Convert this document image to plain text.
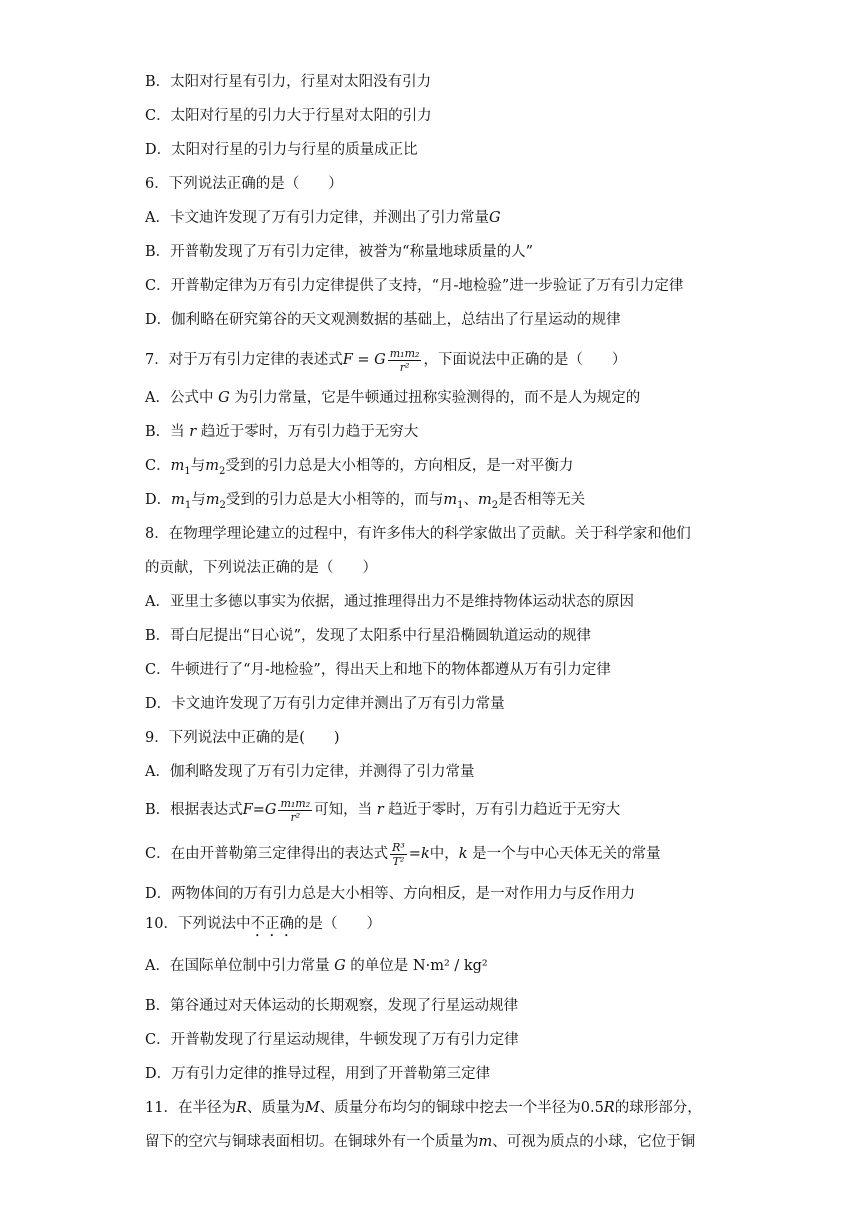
B．太阳对行星有引力，行星对太阳没有引力
C．太阳对行星的引力大于行星对太阳的引力
D．太阳对行星的引力与行星的质量成正比
6．下列说法正确的是（　　）
A．卡文迪许发现了万有引力定律，并测出了引力常量G
B．开普勒发现了万有引力定律，被誉为“称量地球质量的人”
C．开普勒定律为万有引力定律提供了支持，“月-地检验”进一步验证了万有引力定律
D．伽利略在研究第谷的天文观测数据的基础上，总结出了行星运动的规律
7．对于万有引力定律的表述式F = G $\frac{\text{m₁m₂}}{\text{r²}}$ ，下面说法中正确的是（　　）
A．公式中 G 为引力常量，它是牛顿通过扭称实验测得的，而不是人为规定的
B．当 r 趋近于零时，万有引力趋于无穷大
C．$m_1$与$m_2$受到的引力总是大小相等的，方向相反，是一对平衡力
D．$m_1$与$m_2$受到的引力总是大小相等的，而与$m_1$、$m_2$是否相等无关
8．在物理学理论建立的过程中，有许多伟大的科学家做出了贡献。关于科学家和他们
的贡献，下列说法正确的是（　　）
A．亚里士多德以事实为依据，通过推理得出力不是维持物体运动状态的原因
B．哥白尼提出“日心说”，发现了太阳系中行星沿椭圆轨道运动的规律
C．牛顿进行了“月-地检验”，得出天上和地下的物体都遵从万有引力定律
D．卡文迪许发现了万有引力定律并测出了万有引力常量
9．下列说法中正确的是(　　)
A．伽利略发现了万有引力定律，并测得了引力常量
B．根据表达式$F=G \frac{\text{m₁m₂}}{\text{r²}}$ 可知，当 r 趋近于零时，万有引力趋近于无穷大
C．在由开普勒第三定律得出的表达式 $\frac{\text{R³}}{\text{T²}} =k$中，k 是一个与中心天体无关的常量
D．两物体间的万有引力总是大小相等、方向相反，是一对作用力与反作用力
10．下列说法中不正确的是（　　）
A．在国际单位制中引力常量 G 的单位是 N·m² / kg²
B．第谷通过对天体运动的长期观察，发现了行星运动规律
C．开普勒发现了行星运动规律，牛顿发现了万有引力定律
D．万有引力定律的推导过程，用到了开普勒第三定律
11．在半径为R、质量为M、质量分布均匀的铜球中挖去一个半径为0.5R的球形部分，
留下的空穴与铜球表面相切。在铜球外有一个质量为m、可视为质点的小球，它位于铜
